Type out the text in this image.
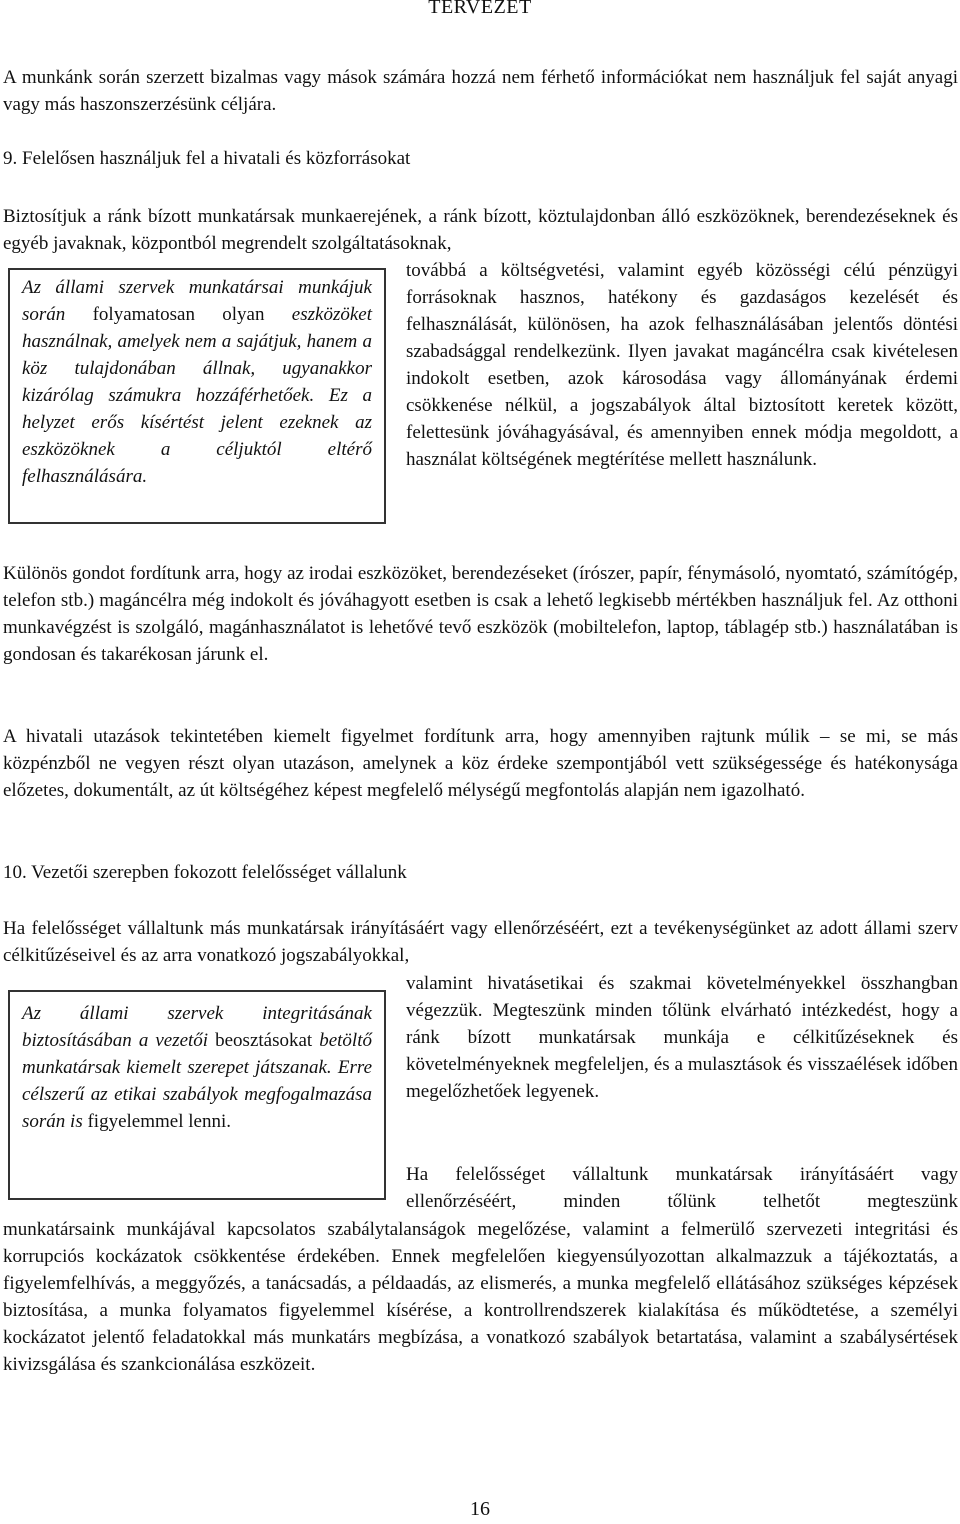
TERVEZET
A munkánk során szerzett bizalmas vagy mások számára hozzá nem férhető információkat nem használjuk fel saját anyagi vagy más haszonszerzésünk céljára.
9. Felelősen használjuk fel a hivatali és közforrásokat
Biztosítjuk a ránk bízott munkatársak munkaerejének, a ránk bízott, köztulajdonban álló eszközöknek, berendezéseknek és egyéb javaknak, központból megrendelt szolgáltatásoknak,
Az állami szervek munkatársai munkájuk során folyamatosan olyan eszközöket használnak, amelyek nem a sajátjuk, hanem a köz tulajdonában állnak, ugyanakkor kizárólag számukra hozzáférhetőek. Ez a helyzet erős kísértést jelent ezeknek az eszközöknek a céljuktól eltérő felhasználására.
továbbá a költségvetési, valamint egyéb közösségi célú pénzügyi forrásoknak hasznos, hatékony és gazdaságos kezelését és felhasználását, különösen, ha azok felhasználásában jelentős döntési szabadsággal rendelkezünk. Ilyen javakat magáncélra csak kivételesen indokolt esetben, azok károsodása vagy állományának érdemi csökkenése nélkül, a jogszabályok által biztosított keretek között, felettesünk jóváhagyásával, és amennyiben ennek módja megoldott, a használat költségének megtérítése mellett használunk.
Különös gondot fordítunk arra, hogy az irodai eszközöket, berendezéseket (írószer, papír, fénymásoló, nyomtató, számítógép, telefon stb.) magáncélra még indokolt és jóváhagyott esetben is csak a lehető legkisebb mértékben használjuk fel. Az otthoni munkavégzést is szolgáló, magánhasználatot is lehetővé tevő eszközök (mobiltelefon, laptop, táblagép stb.) használatában is gondosan és takarékosan járunk el.
A hivatali utazások tekintetében kiemelt figyelmet fordítunk arra, hogy amennyiben rajtunk múlik – se mi, se más közpénzből ne vegyen részt olyan utazáson, amelynek a köz érdeke szempontjából vett szükségessége és hatékonysága előzetes, dokumentált, az út költségéhez képest megfelelő mélységű megfontolás alapján nem igazolható.
10. Vezetői szerepben fokozott felelősséget vállalunk
Ha felelősséget vállaltunk más munkatársak irányításáért vagy ellenőrzéséért, ezt a tevékenységünket az adott állami szerv célkitűzéseivel és az arra vonatkozó jogszabályokkal,
valamint hivatásetikai és szakmai követelményekkel összhangban végezzük. Megteszünk minden tőlünk elvárható intézkedést, hogy a ránk bízott munkatársak munkája e célkitűzéseknek és követelményeknek megfeleljen, és a mulasztások és visszaélések időben megelőzhetőek legyenek.
Az állami szervek integritásának biztosításában a vezetői beosztásokat betöltő munkatársak kiemelt szerepet játszanak. Erre célszerű az etikai szabályok megfogalmazása során is figyelemmel lenni.
Ha felelősséget vállaltunk munkatársak irányításáért vagy ellenőrzéséért, minden tőlünk telhetőt megteszünk
munkatársaink munkájával kapcsolatos szabálytalanságok megelőzése, valamint a felmerülő szervezeti integritási és korrupciós kockázatok csökkentése érdekében. Ennek megfelelően kiegyensúlyozottan alkalmazzuk a tájékoztatás, a figyelemfelhívás, a meggyőzés, a tanácsadás, a példaadás, az elismerés, a munka megfelelő ellátásához szükséges képzések biztosítása, a munka folyamatos figyelemmel kísérése, a kontrollrendszerek kialakítása és működtetése, a személyi kockázatot jelentő feladatokkal más munkatárs megbízása, a vonatkozó szabályok betartatása, valamint a szabálysértések kivizsgálása és szankcionálása eszközeit.
16
